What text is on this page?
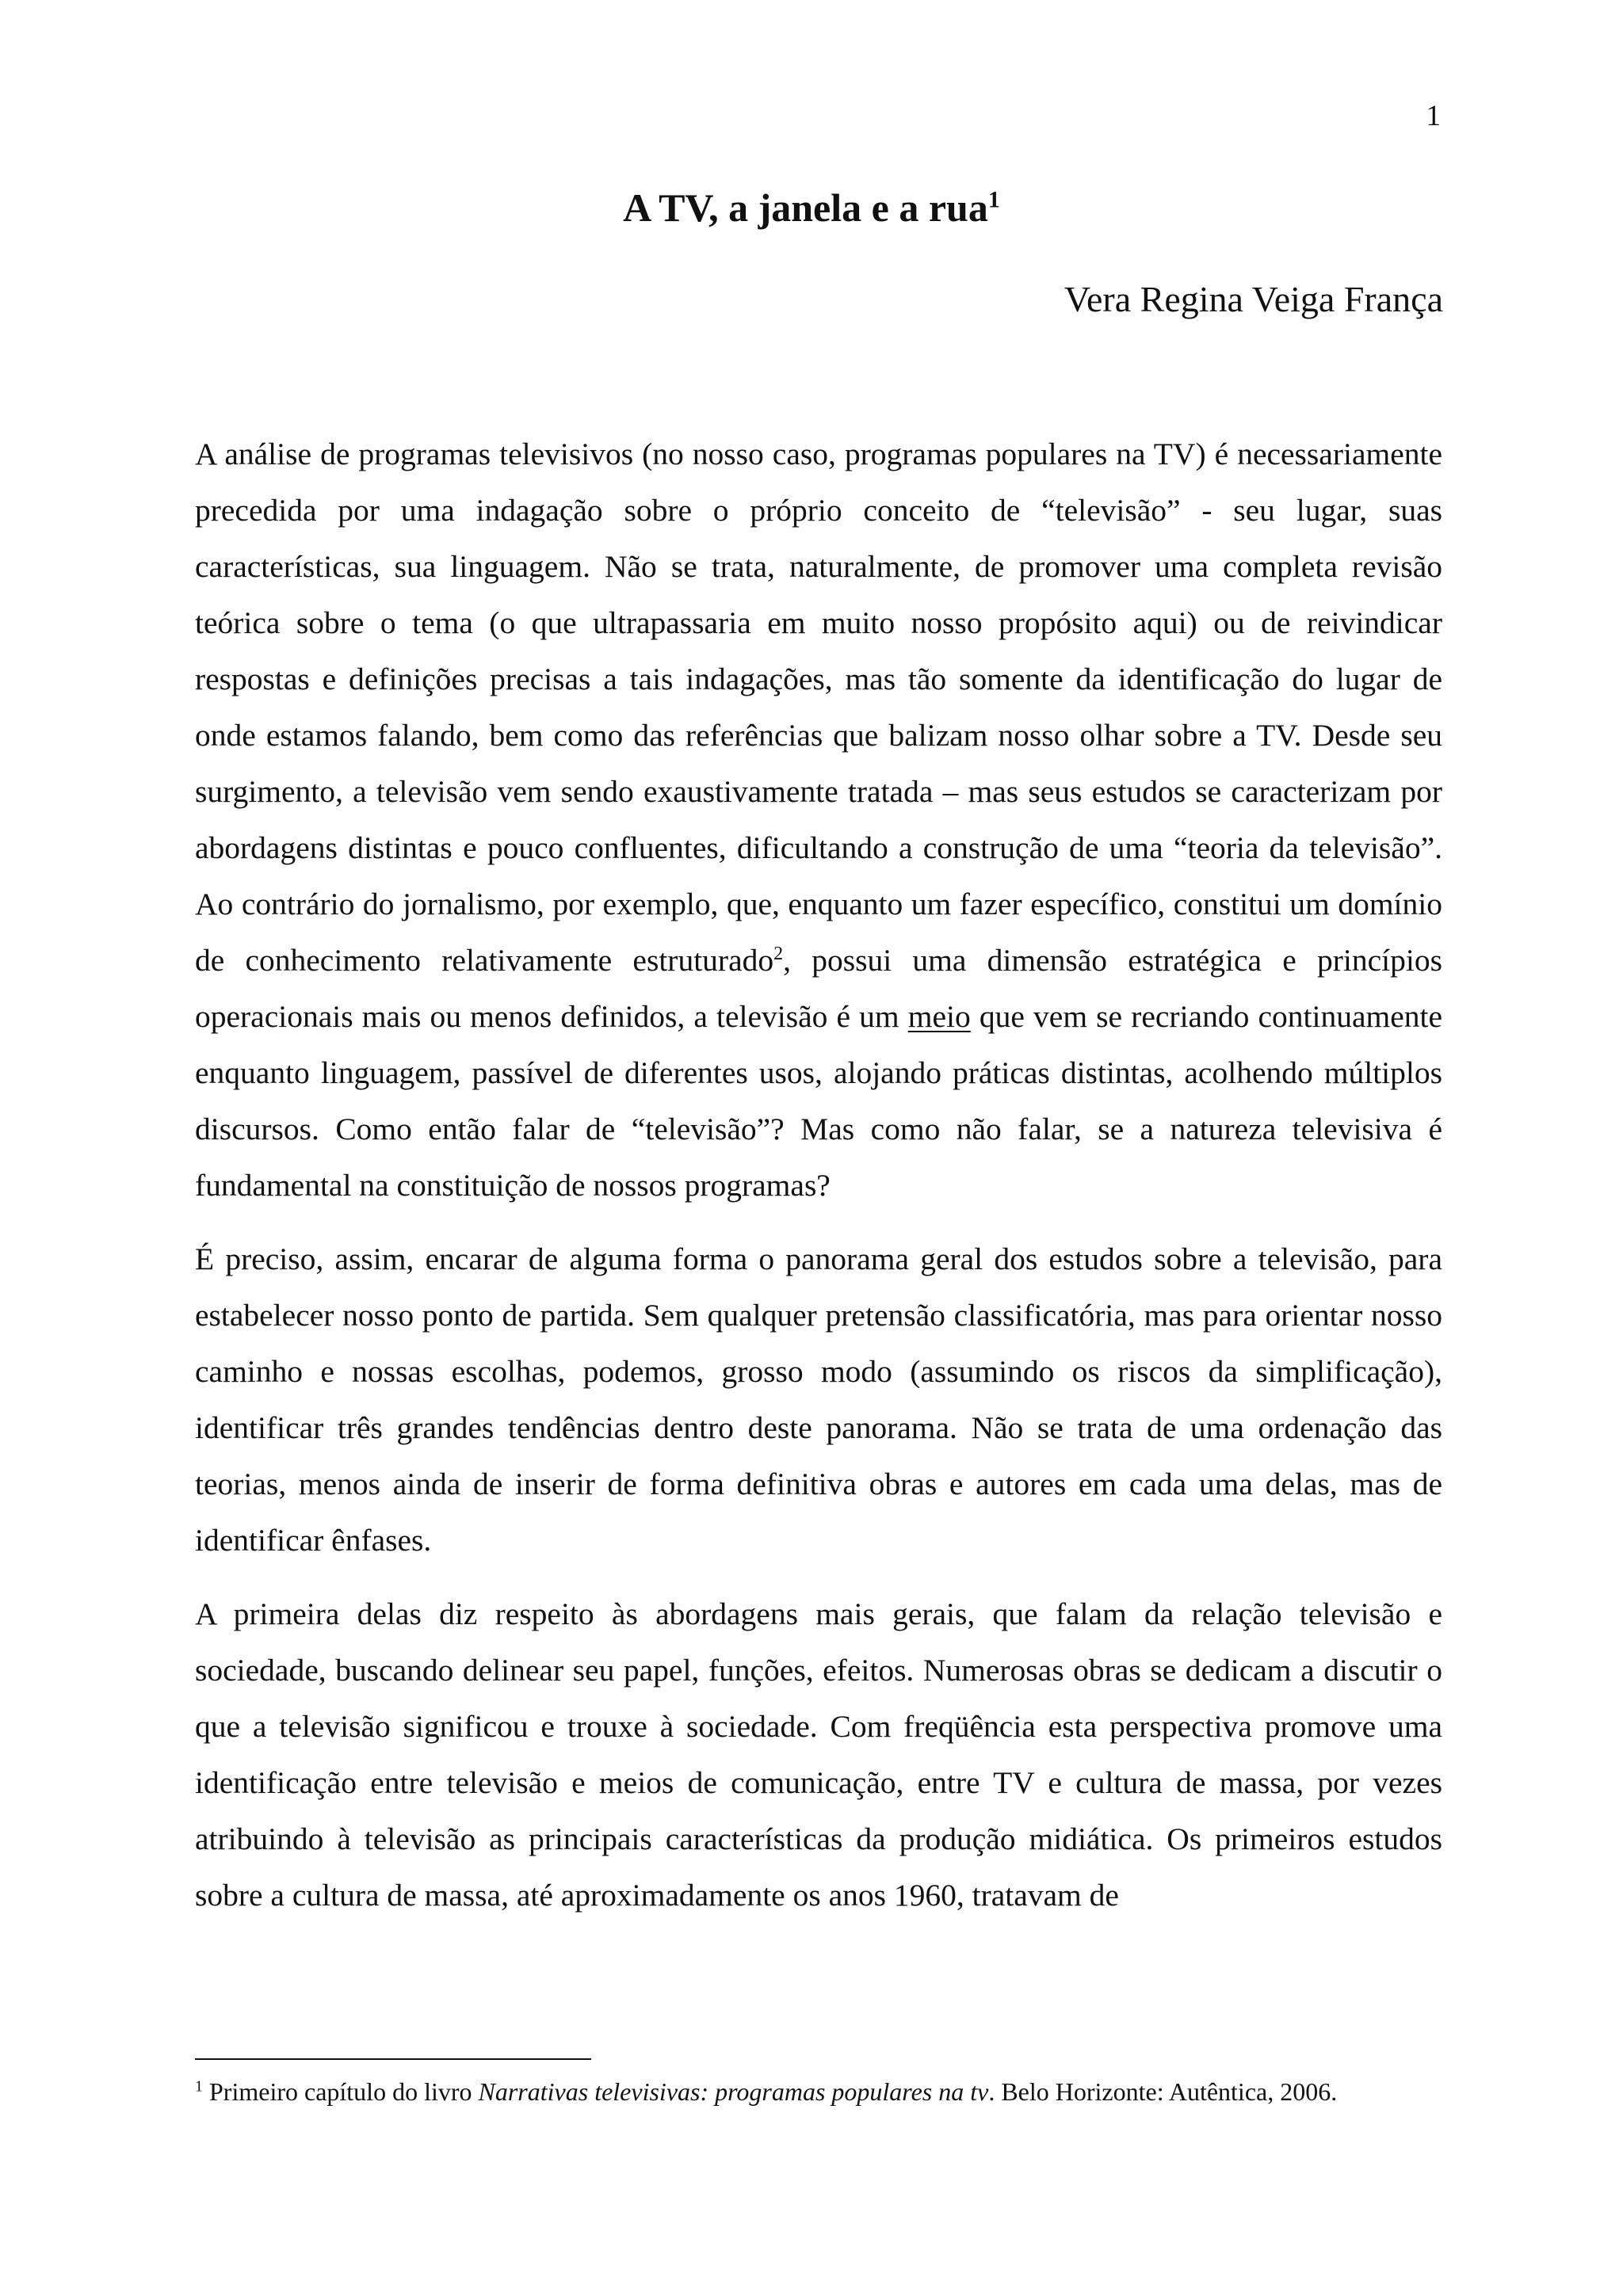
1
A TV, a janela e a rua$^1$
Vera Regina Veiga França

A análise de programas televisivos (no nosso caso, programas populares na TV) é necessariamente precedida por uma indagação sobre o próprio conceito de “televisão” - seu lugar, suas características, sua linguagem. Não se trata, naturalmente, de promover uma completa revisão teórica sobre o tema (o que ultrapassaria em muito nosso propósito aqui) ou de reivindicar respostas e definições precisas a tais indagações, mas tão somente da identificação do lugar de onde estamos falando, bem como das referências que balizam nosso olhar sobre a TV. Desde seu surgimento, a televisão vem sendo exaustivamente tratada – mas seus estudos se caracterizam por abordagens distintas e pouco confluentes, dificultando a construção de uma “teoria da televisão”. Ao contrário do jornalismo, por exemplo, que, enquanto um fazer específico, constitui um domínio de conhecimento relativamente estruturado$^2$, possui uma dimensão estratégica e princípios operacionais mais ou menos definidos, a televisão é um meio que vem se recriando continuamente enquanto linguagem, passível de diferentes usos, alojando práticas distintas, acolhendo múltiplos discursos. Como então falar de “televisão”? Mas como não falar, se a natureza televisiva é fundamental na constituição de nossos programas?

É preciso, assim, encarar de alguma forma o panorama geral dos estudos sobre a televisão, para estabelecer nosso ponto de partida. Sem qualquer pretensão classificatória, mas para orientar nosso caminho e nossas escolhas, podemos, grosso modo (assumindo os riscos da simplificação), identificar três grandes tendências dentro deste panorama. Não se trata de uma ordenação das teorias, menos ainda de inserir de forma definitiva obras e autores em cada uma delas, mas de identificar ênfases.

A primeira delas diz respeito às abordagens mais gerais, que falam da relação televisão e sociedade, buscando delinear seu papel, funções, efeitos. Numerosas obras se dedicam a discutir o que a televisão significou e trouxe à sociedade. Com freqüência esta perspectiva promove uma identificação entre televisão e meios de comunicação, entre TV e cultura de massa, por vezes atribuindo à televisão as principais características da produção midiática. Os primeiros estudos sobre a cultura de massa, até aproximadamente os anos 1960, tratavam de

$^1$ Primeiro capítulo do livro Narrativas televisivas: programas populares na tv. Belo Horizonte: Autêntica, 2006.
